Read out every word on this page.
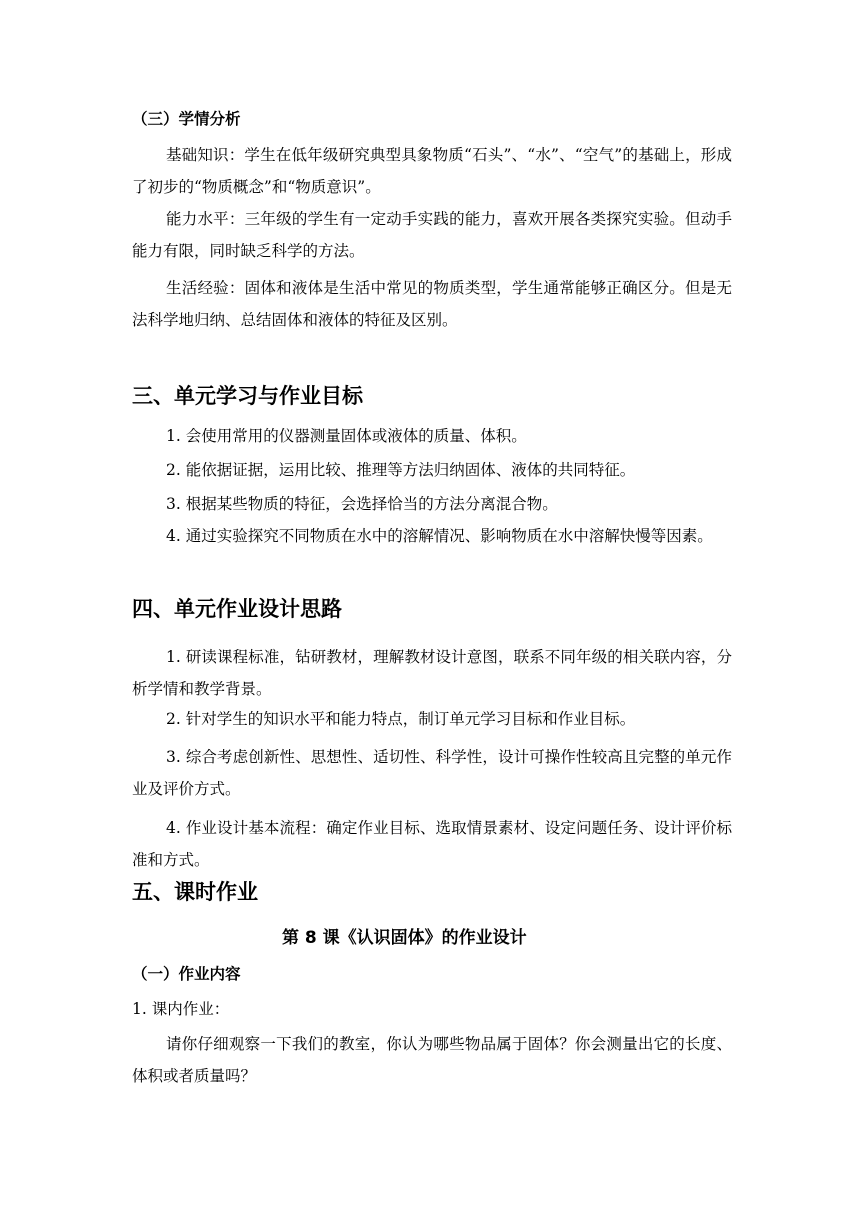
（三）学情分析

基础知识：学生在低年级研究典型具象物质“石头”、“水”、“空气”的基础上，形成了初步的“物质概念”和“物质意识”。

能力水平：三年级的学生有一定动手实践的能力，喜欢开展各类探究实验。但动手能力有限，同时缺乏科学的方法。

生活经验：固体和液体是生活中常见的物质类型，学生通常能够正确区分。但是无法科学地归纳、总结固体和液体的特征及区别。

三、单元学习与作业目标

1. 会使用常用的仪器测量固体或液体的质量、体积。

2. 能依据证据，运用比较、推理等方法归纳固体、液体的共同特征。

3. 根据某些物质的特征，会选择恰当的方法分离混合物。

4. 通过实验探究不同物质在水中的溶解情况、影响物质在水中溶解快慢等因素。

四、单元作业设计思路

1. 研读课程标准，钻研教材，理解教材设计意图，联系不同年级的相关联内容，分析学情和教学背景。

2. 针对学生的知识水平和能力特点，制订单元学习目标和作业目标。

3. 综合考虑创新性、思想性、适切性、科学性，设计可操作性较高且完整的单元作业及评价方式。

4. 作业设计基本流程：确定作业目标、选取情景素材、设定问题任务、设计评价标准和方式。

五、课时作业
第 8 课《认识固体》的作业设计
（一）作业内容
1. 课内作业：

请你仔细观察一下我们的教室，你认为哪些物品属于固体？你会测量出它的长度、体积或者质量吗？
